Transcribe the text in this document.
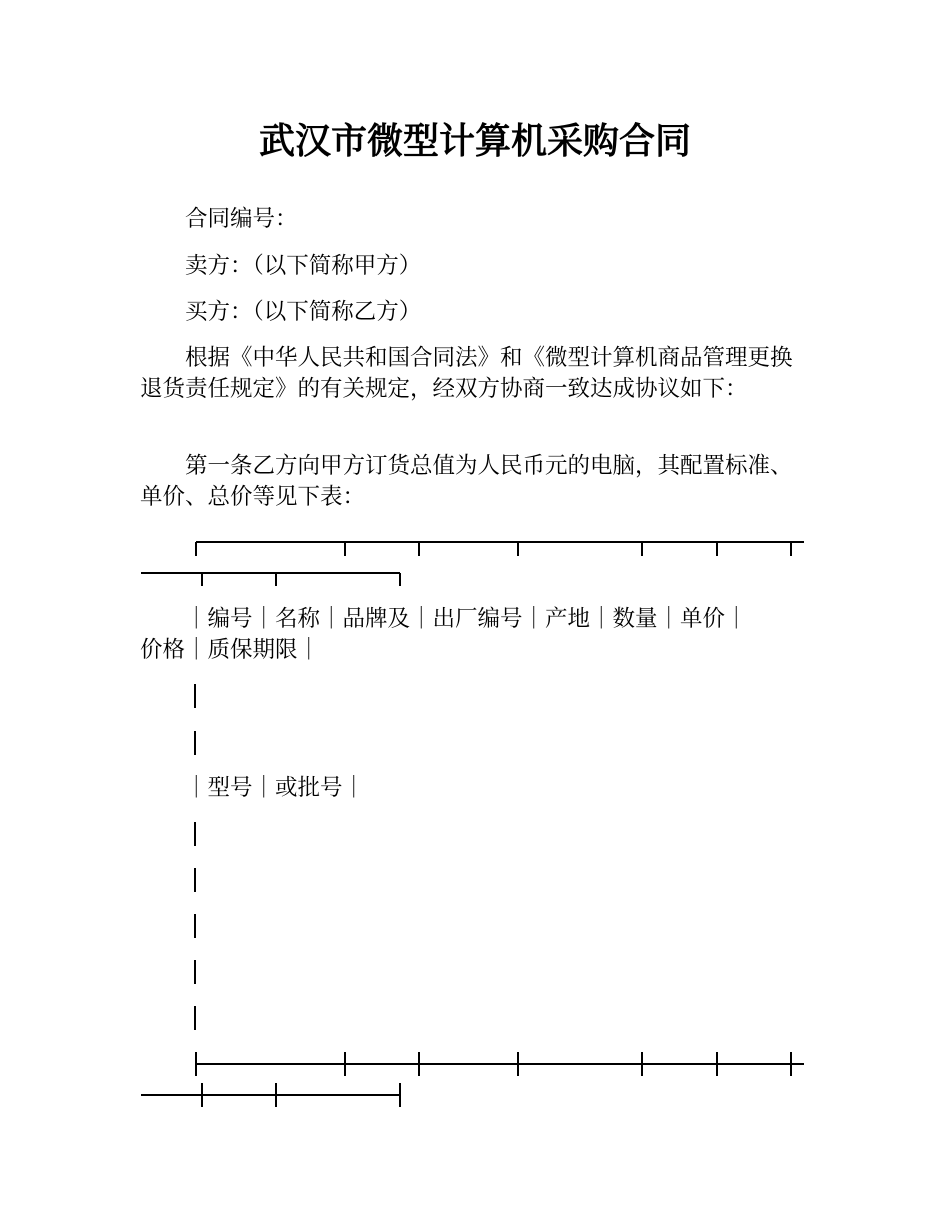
武汉市微型计算机采购合同

合同编号：

卖方：（以下简称甲方）

买方：（以下简称乙方）

根据《中华人民共和国合同法》和《微型计算机商品管理更换退货责任规定》的有关规定，经双方协商一致达成协议如下：

第一条乙方向甲方订货总值为人民币元的电脑，其配置标准、单价、总价等见下表：

｜编号｜名称｜品牌及｜出厂编号｜产地｜数量｜单价｜

价格｜质保期限｜

｜型号｜或批号｜
